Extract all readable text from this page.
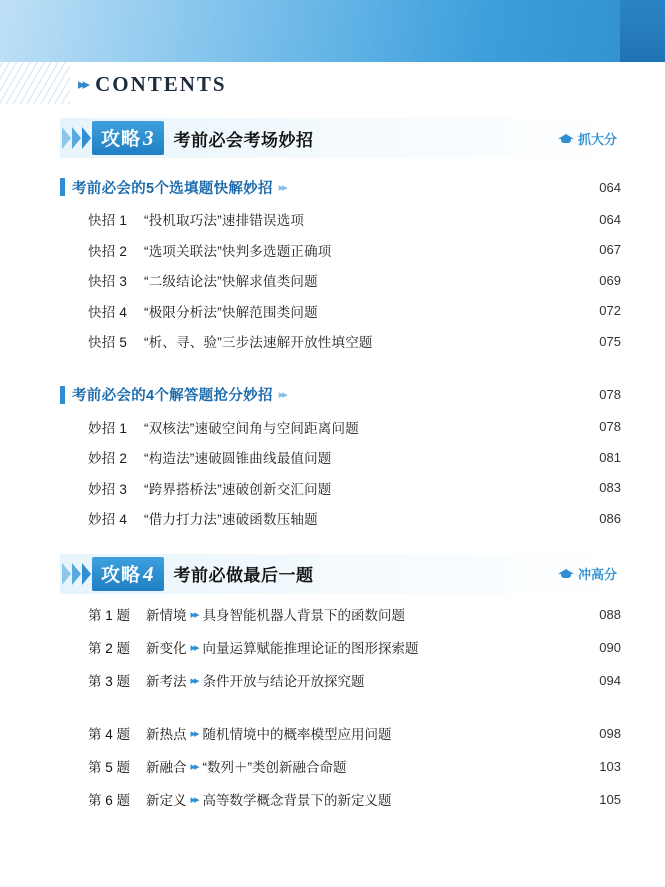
▸▸ CONTENTS
攻略 3 考前必会考场妙招	抓大分
考前必会的5个选填题快解妙招 ▸▸	064
快招 1	“投机取巧法”速排错误选项	064
快招 2	“选项关联法”快判多选题正确项	067
快招 3	“二级结论法”快解求值类问题	069
快招 4	“极限分析法”快解范围类问题	072
快招 5	“析、寻、验”三步法速解开放性填空题	075
考前必会的4个解答题抢分妙招 ▸▸	078
妙招 1	“双核法”速破空间角与空间距离问题	078
妙招 2	“构造法”速破圆锥曲线最值问题	081
妙招 3	“跨界搭桥法”速破创新交汇问题	083
妙招 4	“借力打力法”速破函数压轴题	086
攻略 4 考前必做最后一题	冲高分
第 1 题	新情境 ▸▸ 具身智能机器人背景下的函数问题	088
第 2 题	新变化 ▸▸ 向量运算赋能推理论证的图形探索题	090
第 3 题	新考法 ▸▸ 条件开放与结论开放探究题	094
第 4 题	新热点 ▸▸ 随机情境中的概率模型应用问题	098
第 5 题	新融合 ▸▸ “数列＋”类创新融合命题	103
第 6 题	新定义 ▸▸ 高等数学概念背景下的新定义题	105
